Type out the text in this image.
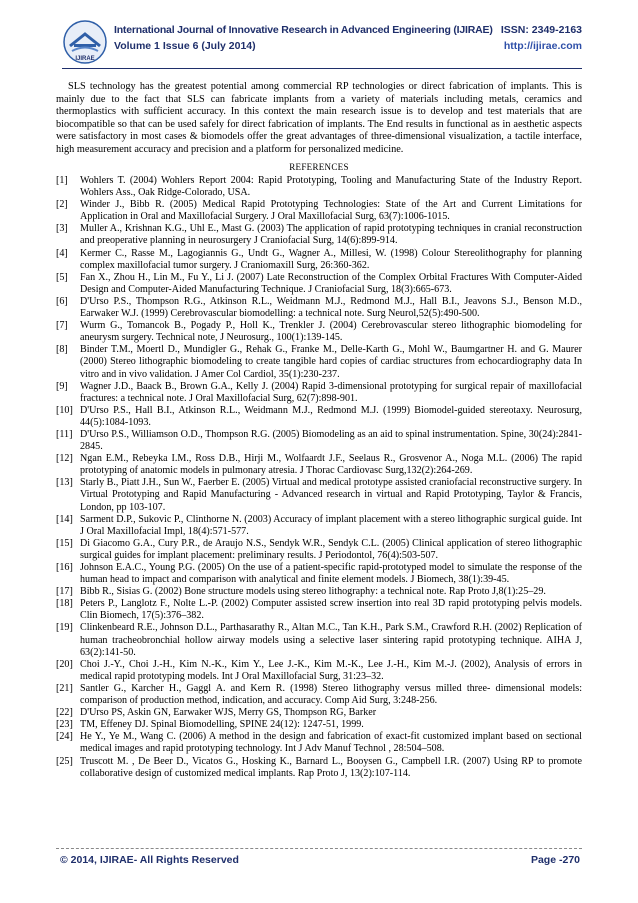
IJIRAE
International Journal of Innovative Research in Advanced Engineering (IJIRAE) ISSN: 2349-2163
Volume 1 Issue 6 (July 2014)	http://ijirae.com

SLS technology has the greatest potential among commercial RP technologies or direct fabrication of implants. This is mainly due to the fact that SLS can fabricate implants from a variety of materials including metals, ceramics and thermoplastics with sufficient accuracy. In this context the main research issue is to develop and test materials that are biocompatible so that can be used safely for direct fabrication of implants. The End results in functional as in aesthetic aspects were satisfactory in most cases & biomodels offer the great advantages of three-dimensional visualization, a tactile interface, high measurement accuracy and precision and a platform for personalized medicine.

REFERENCES
[1]	Wohlers T. (2004) Wohlers Report 2004: Rapid Prototyping, Tooling and Manufacturing State of the Industry Report. Wohlers Ass., Oak Ridge-Colorado, USA.
[2]	Winder J., Bibb R. (2005) Medical Rapid Prototyping Technologies: State of the Art and Current Limitations for Application in Oral and Maxillofacial Surgery. J Oral Maxillofacial Surg, 63(7):1006-1015.
[3]	Muller A., Krishnan K.G., Uhl E., Mast G. (2003) The application of rapid prototyping techniques in cranial reconstruction and preoperative planning in neurosurgery J Craniofacial Surg, 14(6):899-914.
[4]	Kermer C., Rasse M., Lagogiannis G., Undt G., Wagner A., Millesi, W. (1998) Colour Stereolithography for planning complex maxillofacial tumor surgery. J Craniomaxill Surg, 26:360-362.
[5]	Fan X., Zhou H., Lin M., Fu Y., Li J. (2007) Late Reconstruction of the Complex Orbital Fractures With Computer-Aided Design and Computer-Aided Manufacturing Technique. J Craniofacial Surg, 18(3):665-673.
[6]	D'Urso P.S., Thompson R.G., Atkinson R.L., Weidmann M.J., Redmond M.J., Hall B.I., Jeavons S.J., Benson M.D., Earwaker W.J. (1999) Cerebrovascular biomodelling: a technical note. Surg Neurol,52(5):490-500.
[7]	Wurm G., Tomancok B., Pogady P., Holl K., Trenkler J. (2004) Cerebrovascular stereo lithographic biomodeling for aneurysm surgery. Technical note, J Neurosurg., 100(1):139-145.
[8]	Binder T.M., Moertl D., Mundigler G., Rehak G., Franke M., Delle-Karth G., Mohl W., Baumgartner H. and G. Maurer (2000) Stereo lithographic biomodeling to create tangible hard copies of cardiac structures from echocardiography data In vitro and in vivo validation. J Amer Col Cardiol, 35(1):230-237.
[9]	Wagner J.D., Baack B., Brown G.A., Kelly J. (2004) Rapid 3-dimensional prototyping for surgical repair of maxillofacial fractures: a technical note. J Oral Maxillofacial Surg, 62(7):898-901.
[10] D'Urso P.S., Hall B.I., Atkinson R.L., Weidmann M.J., Redmond M.J. (1999) Biomodel-guided stereotaxy. Neurosurg, 44(5):1084-1093.
[11] D'Urso P.S., Williamson O.D., Thompson R.G. (2005) Biomodeling as an aid to spinal instrumentation. Spine, 30(24):2841-2845.
[12] Ngan E.M., Rebeyka I.M., Ross D.B., Hirji M., Wolfaardt J.F., Seelaus R., Grosvenor A., Noga M.L. (2006) The rapid prototyping of anatomic models in pulmonary atresia. J Thorac Cardiovasc Surg,132(2):264-269.
[13] Starly B., Piatt J.H., Sun W., Faerber E. (2005) Virtual and medical prototype assisted craniofacial reconstructive surgery. In Virtual Prototyping and Rapid Manufacturing - Advanced research in virtual and Rapid Prototyping, Taylor & Francis, London, pp 103-107.
[14] Sarment D.P., Sukovic P., Clinthorne N. (2003) Accuracy of implant placement with a stereo lithographic surgical guide. Int J Oral Maxillofacial Impl, 18(4):571-577.
[15] Di Giacomo G.A., Cury P.R., de Araujo N.S., Sendyk W.R., Sendyk C.L. (2005) Clinical application of stereo lithographic surgical guides for implant placement: preliminary results. J Periodontol, 76(4):503-507.
[16] Johnson E.A.C., Young P.G. (2005) On the use of a patient-specific rapid-prototyped model to simulate the response of the human head to impact and comparison with analytical and finite element models. J Biomech, 38(1):39-45.
[17] Bibb R., Sisias G. (2002) Bone structure models using stereo lithography: a technical note. Rap Proto J,8(1):25–29.
[18] Peters P., Langlotz F., Nolte L.-P. (2002) Computer assisted screw insertion into real 3D rapid prototyping pelvis models. Clin Biomech, 17(5):376–382.
[19] Clinkenbeard R.E., Johnson D.L., Parthasarathy R., Altan M.C., Tan K.H., Park S.M., Crawford R.H. (2002) Replication of human tracheobronchial hollow airway models using a selective laser sintering rapid prototyping technique. AIHA J, 63(2):141-50.
[20] Choi J.-Y., Choi J.-H., Kim N.-K., Kim Y., Lee J.-K., Kim M.-K., Lee J.-H., Kim M.-J. (2002), Analysis of errors in medical rapid prototyping models. Int J Oral Maxillofacial Surg, 31:23–32.
[21] Santler G., Karcher H., Gaggl A. and Kern R. (1998) Stereo lithography versus milled three- dimensional models: comparison of production method, indication, and accuracy. Comp Aid Surg, 3:248-256.
[22] D'Urso PS, Askin GN, Earwaker WJS, Merry GS, Thompson RG, Barker
[23] TM, Effeney DJ. Spinal Biomodelling, SPINE 24(12): 1247-51, 1999.
[24] He Y., Ye M., Wang C. (2006) A method in the design and fabrication of exact-fit customized implant based on sectional medical images and rapid prototyping technology. Int J Adv Manuf Technol , 28:504–508.
[25] Truscott M. , De Beer D., Vicatos G., Hosking K., Barnard L., Booysen G., Campbell I.R. (2007) Using RP to promote collaborative design of customized medical implants. Rap Proto J, 13(2):107-114.
© 2014, IJIRAE- All Rights Reserved	Page -270
